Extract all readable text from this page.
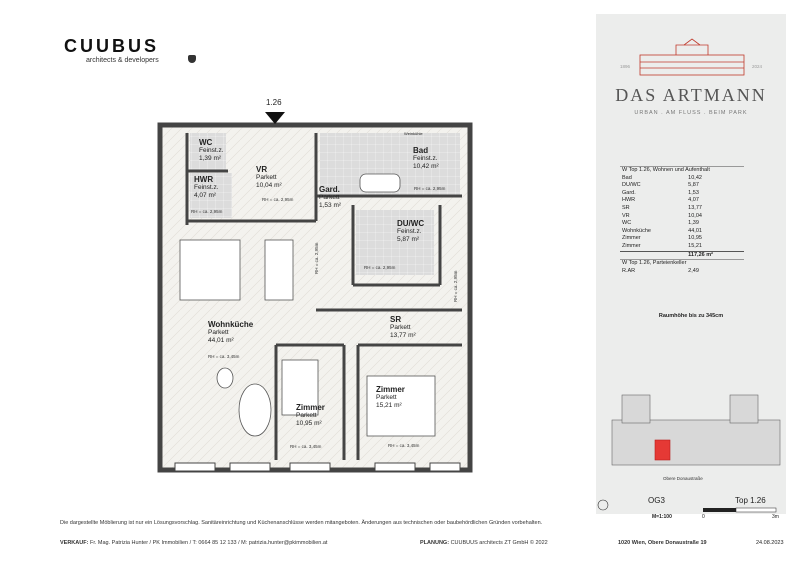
CUUBUS
architects & developers
1.26
Weinkühle
WC
Feinst.z.
1,39 m²
HWR
Feinst.z.
4,07 m²
RH = ca. 2,95m
VR
Parkett
10,04 m²
RH = ca. 2,95m
Gard.
Parkett
1,53 m²
Bad
Feinst.z.
10,42 m²
RH = ca. 2,95m
DU/WC
Feinst.z.
5,87 m²
RH = ca. 2,95m
SR
Parkett
13,77 m²
Wohnküche
Parkett
44,01 m²
RH = ca. 3,45m
Zimmer
Parkett
10,95 m²
RH = ca. 3,45m
Zimmer
Parkett
15,21 m²
RH = ca. 3,45m
RH = ca. 2,95m
RH = ca. 2,95m
1896	2024
DAS ARTMANN
URBAN . AM FLUSS . BEIM PARK
W Top 1.26, Wohnen und Aufenthalt	
Bad	10,42
DU/WC	5,87
Gard.	1,53
HWR	4,07
SR	13,77
VR	10,04
WC	1,39
Wohnküche	44,01
Zimmer	10,95
Zimmer	15,21
	117,26 m²
W Top 1.26, Parteienkeller	
R.AR	2,49
Raumhöhe bis zu 345cm
Obere Donaustraße
OG3	Top 1.26
M=1:100	0	3m
Die dargestellte Möblierung ist nur ein Lösungsvorschlag. Sanitäreinrichtung und Küchenanschlüsse werden mitangeboten. Änderungen aus technischen oder baubehördlichen Gründen vorbehalten.
VERKAUF: Fr. Mag. Patrizia Hunter / PK Immobilien / T: 0664 85 12 133 / M: patrizia.hunter@pkimmobilien.at	PLANUNG: CUUBUUS architects ZT GmbH © 2022	1020 Wien, Obere Donaustraße 19	24.08.2023
